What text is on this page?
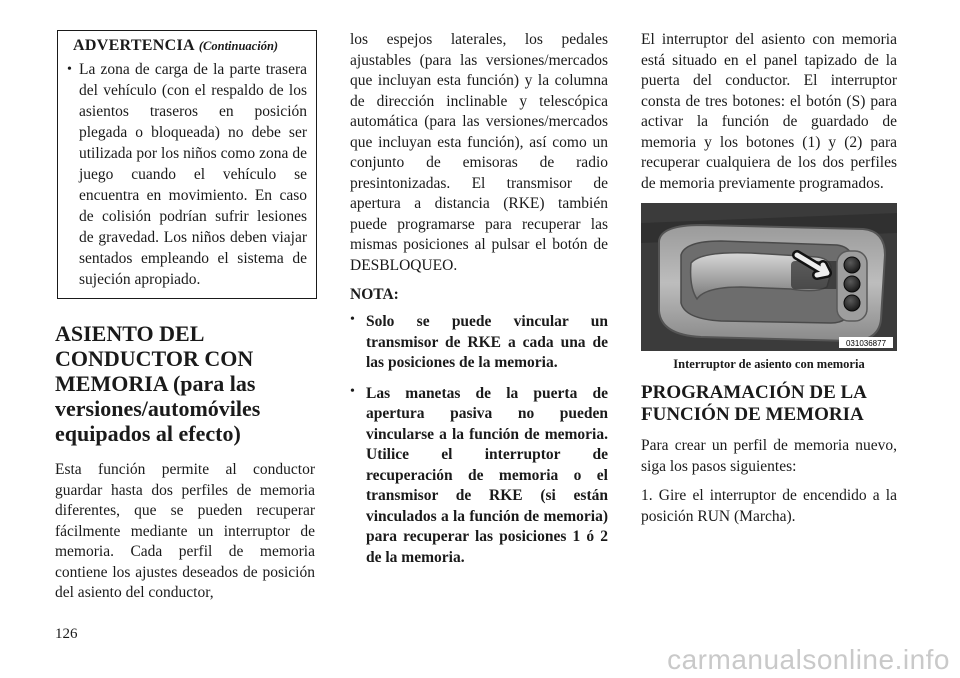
ADVERTENCIA (Continuación)
• La zona de carga de la parte trasera del vehículo (con el respaldo de los asientos traseros en posición plegada o bloqueada) no debe ser utilizada por los niños como zona de juego cuando el vehículo se encuentra en movimiento. En caso de colisión podrían sufrir lesiones de gravedad. Los niños deben viajar sentados empleando el sistema de sujeción apropiado.
ASIENTO DEL CONDUCTOR CON MEMORIA (para las versiones/automóviles equipados al efecto)

Esta función permite al conductor guardar hasta dos perfiles de memoria diferentes, que se pueden recuperar fácilmente mediante un interruptor de memoria. Cada perfil de memoria contiene los ajustes deseados de posición del asiento del conductor,

los espejos laterales, los pedales ajustables (para las versiones/mercados que incluyan esta función) y la columna de dirección inclinable y telescópica automática (para las versiones/mercados que incluyan esta función), así como un conjunto de emisoras de radio presintonizadas. El transmisor de apertura a distancia (RKE) también puede programarse para recuperar las mismas posiciones al pulsar el botón de DESBLOQUEO.

NOTA:
• Solo se puede vincular un transmisor de RKE a cada una de las posiciones de la memoria.
• Las manetas de la puerta de apertura pasiva no pueden vincularse a la función de memoria. Utilice el interruptor de recuperación de memoria o el transmisor de RKE (si están vinculados a la función de memoria) para recuperar las posiciones 1 ó 2 de la memoria.

El interruptor del asiento con memoria está situado en el panel tapizado de la puerta del conductor. El interruptor consta de tres botones: el botón (S) para activar la función de guardado de memoria y los botones (1) y (2) para recuperar cualquiera de los dos perfiles de memoria previamente programados.

031036877
Interruptor de asiento con memoria
PROGRAMACIÓN DE LA FUNCIÓN DE MEMORIA

Para crear un perfil de memoria nuevo, siga los pasos siguientes:

1. Gire el interruptor de encendido a la posición RUN (Marcha).

126
carmanualsonline.info
